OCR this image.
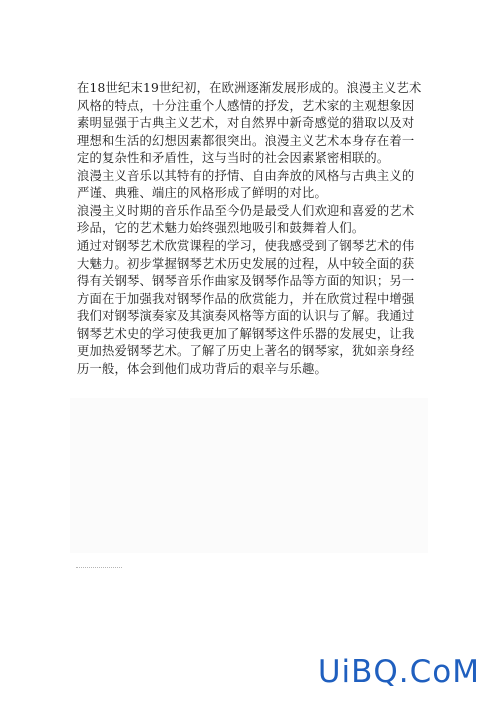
在18世纪末19世纪初，在欧洲逐渐发展形成的。浪漫主义艺术
风格的特点，十分注重个人感情的抒发，艺术家的主观想象因
素明显强于古典主义艺术，对自然界中新奇感觉的猎取以及对
理想和生活的幻想因素都很突出。浪漫主义艺术本身存在着一
定的复杂性和矛盾性，这与当时的社会因素紧密相联的。
浪漫主义音乐以其特有的抒情、自由奔放的风格与古典主义的
严谨、典雅、端庄的风格形成了鲜明的对比。
浪漫主义时期的音乐作品至今仍是最受人们欢迎和喜爱的艺术
珍品，它的艺术魅力始终强烈地吸引和鼓舞着人们。

通过对钢琴艺术欣赏课程的学习，使我感受到了钢琴艺术的伟
大魅力。初步掌握钢琴艺术历史发展的过程，从中较全面的获
得有关钢琴、钢琴音乐作曲家及钢琴作品等方面的知识；另一
方面在于加强我对钢琴作品的欣赏能力，并在欣赏过程中增强
我们对钢琴演奏家及其演奏风格等方面的认识与了解。我通过
钢琴艺术史的学习使我更加了解钢琴这件乐器的发展史，让我
更加热爱钢琴艺术。了解了历史上著名的钢琴家，犹如亲身经
历一般，体会到他们成功背后的艰辛与乐趣。

UiBQ.CoM
